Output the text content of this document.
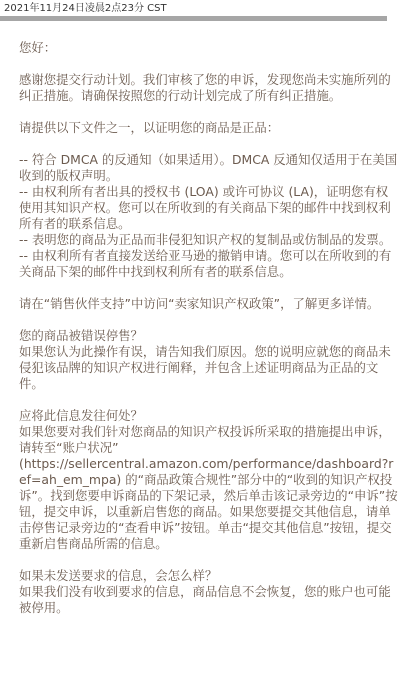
2021年11月24日凌晨2点23分 CST
您好：
感谢您提交行动计划。我们审核了您的申诉，发现您尚未实施所列的纠正措施。请确保按照您的行动计划完成了所有纠正措施。
请提供以下文件之一，以证明您的商品是正品：
-- 符合 DMCA 的反通知（如果适用）。DMCA 反通知仅适用于在美国收到的版权声明。
-- 由权利所有者出具的授权书 (LOA) 或许可协议 (LA)，证明您有权使用其知识产权。您可以在所收到的有关商品下架的邮件中找到权利所有者的联系信息。
-- 表明您的商品为正品而非侵犯知识产权的复制品或仿制品的发票。
-- 由权利所有者直接发送给亚马逊的撤销申请。您可以在所收到的有关商品下架的邮件中找到权利所有者的联系信息。
请在“销售伙伴支持”中访问“卖家知识产权政策”，了解更多详情。
您的商品被错误停售？
如果您认为此操作有误，请告知我们原因。您的说明应就您的商品未侵犯该品牌的知识产权进行阐释，并包含上述证明商品为正品的文件。
应将此信息发往何处？
如果您要对我们针对您商品的知识产权投诉所采取的措施提出申诉，请转至“账户状况”
(https://sellercentral.amazon.com/performance/dashboard?ref=ah_em_mpa) 的“商品政策合规性”部分中的“收到的知识产权投诉”。找到您要申诉商品的下架记录，然后单击该记录旁边的“申诉”按钮，提交申诉，以重新启售您的商品。如果您要提交其他信息，请单击停售记录旁边的“查看申诉”按钮。单击“提交其他信息”按钮，提交重新启售商品所需的信息。
如果未发送要求的信息，会怎么样？
如果我们没有收到要求的信息，商品信息不会恢复，您的账户也可能被停用。
